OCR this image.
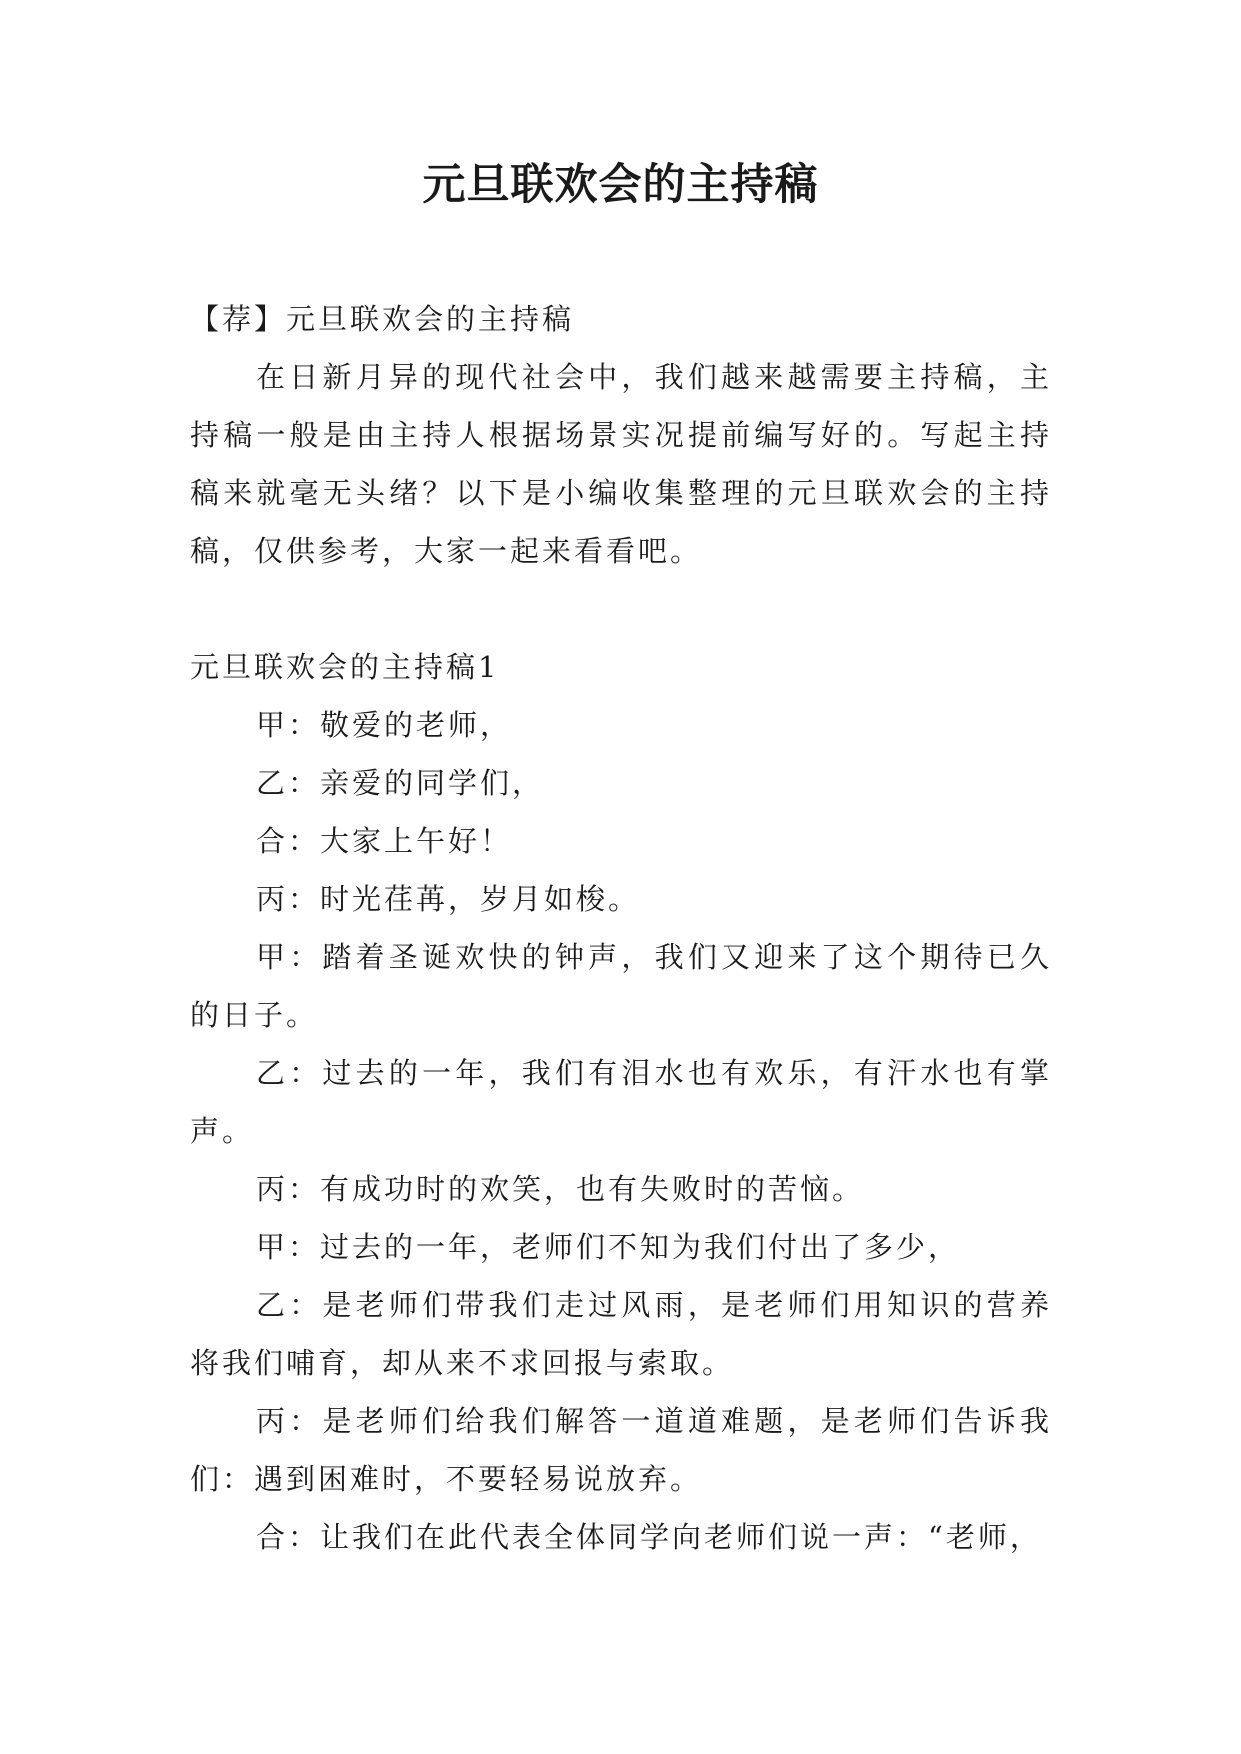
元旦联欢会的主持稿

【荐】元旦联欢会的主持稿

在日新月异的现代社会中，我们越来越需要主持稿，主持稿一般是由主持人根据场景实况提前编写好的。写起主持稿来就毫无头绪？以下是小编收集整理的元旦联欢会的主持稿，仅供参考，大家一起来看看吧。

元旦联欢会的主持稿1

甲：敬爱的老师，

乙：亲爱的同学们，

合：大家上午好！

丙：时光荏苒，岁月如梭。

甲：踏着圣诞欢快的钟声，我们又迎来了这个期待已久的日子。

乙：过去的一年，我们有泪水也有欢乐，有汗水也有掌声。

丙：有成功时的欢笑，也有失败时的苦恼。

甲：过去的一年，老师们不知为我们付出了多少，

乙：是老师们带我们走过风雨，是老师们用知识的营养将我们哺育，却从来不求回报与索取。

丙：是老师们给我们解答一道道难题，是老师们告诉我们：遇到困难时，不要轻易说放弃。

合：让我们在此代表全体同学向老师们说一声：“老师，
